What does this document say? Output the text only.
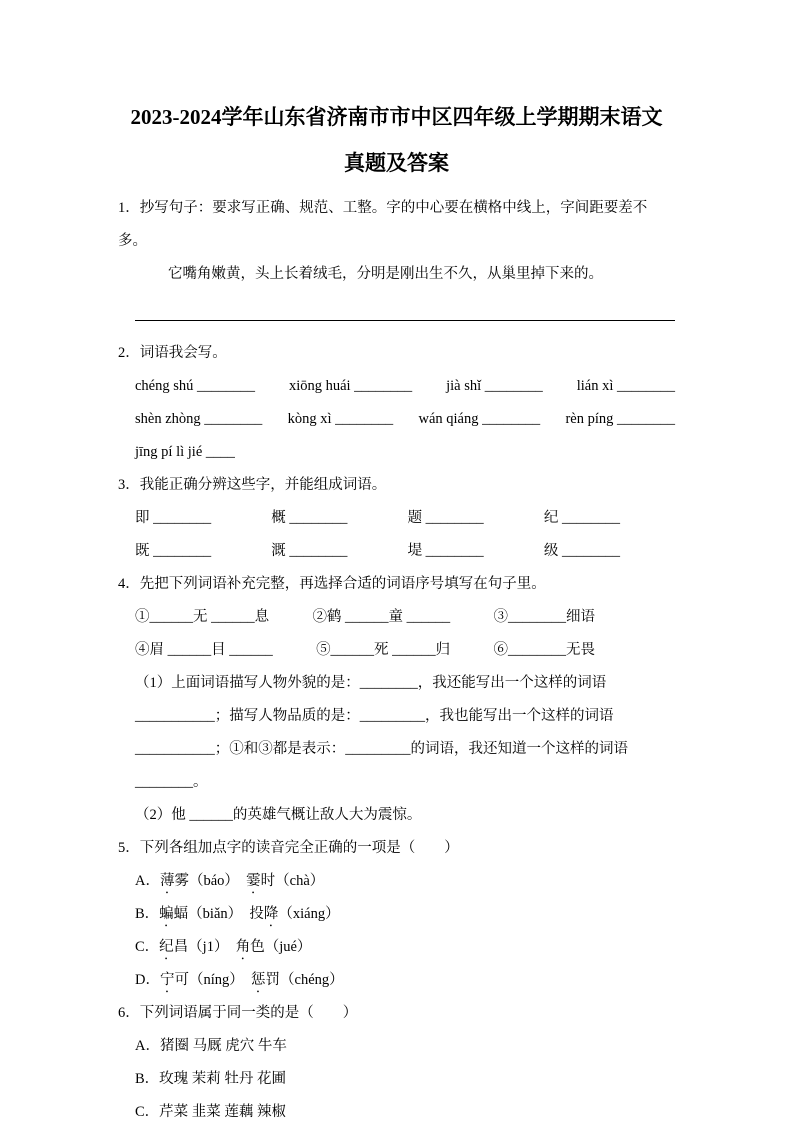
2023-2024学年山东省济南市市中区四年级上学期期末语文
真题及答案

1．抄写句子：要求写正确、规范、工整。字的中心要在横格中线上，字间距要差不多。

它嘴角嫩黄，头上长着绒毛，分明是刚出生不久，从巢里掉下来的。

2．词语我会写。

chéng shú ________ xiōng huái ________ jià shǐ ________ lián xì ________
shèn zhòng ________ kòng xì ________ wán qiáng ________ rèn píng ________

jīng pí lì jié ____

3．我能正确分辨这些字，并能组成词语。

即 ________	概 ________	题 ________	纪 ________
既 ________	溉 ________	堤 ________	级 ________

4．先把下列词语补充完整，再选择合适的词语序号填写在句子里。

①______无 ______息	②鹤 ______童 ______	③________细语
④眉 ______目 ______	⑤______死 ______归	⑥________无畏

（1）上面词语描写人物外貌的是：________，我还能写出一个这样的词语 ___________；描写人物品质的是：_________，我也能写出一个这样的词语 ___________；①和③都是表示：_________的词语，我还知道一个这样的词语 ________。

（2）他 ______的英雄气概让敌人大为震惊。

5．下列各组加点字的读音完全正确的一项是（　　）

A．薄雾（báo）　霎时（chà）

B．蝙蝠（biǎn）　投降（xiáng）

C．纪昌（j1）　角色（jué）

D．宁可（níng）　惩罚（chéng）

6．下列词语属于同一类的是（　　）

A．猪圈 马厩 虎穴 牛车

B．玫瑰 茉莉 牡丹 花圃

C．芹菜 韭菜 莲藕 辣椒
